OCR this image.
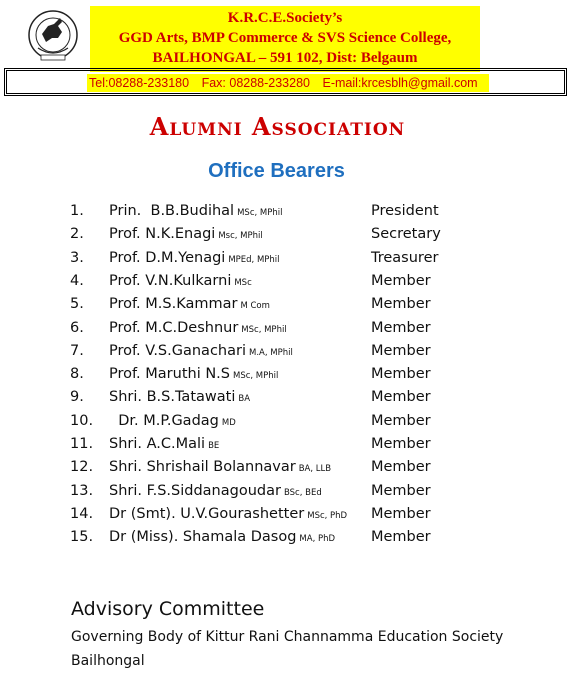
K.R.C.E.Society’s
GGD Arts, BMP Commerce & SVS Science College,
BAILHONGAL – 591 102, Dist: Belgaum
Tel:08288-233180 Fax: 08288-233280 E-mail:krcesblh@gmail.com
Alumni Association
Office Bearers
1. Prin.  B.B.Budihal MSc, MPhil	President
2. Prof. N.K.Enagi Msc, MPhil	Secretary
3. Prof. D.M.Yenagi MPEd, MPhil	Treasurer
4. Prof. V.N.Kulkarni MSc	Member
5. Prof. M.S.Kammar M Com	Member
6. Prof. M.C.Deshnur MSc, MPhil	Member
7. Prof. V.S.Ganachari M.A, MPhil	Member
8. Prof. Maruthi N.S MSc, MPhil	Member
9. Shri. B.S.Tatawati BA	Member
10. Dr. M.P.Gadag MD	Member
11. Shri. A.C.Mali BE	Member
12. Shri. Shrishail Bolannavar BA, LLB	Member
13. Shri. F.S.Siddanagoudar BSc, BEd	Member
14. Dr (Smt). U.V.Gourashetter MSc, PhD Member
15. Dr (Miss). Shamala Dasog MA, PhD Member
Advisory Committee
Governing Body of Kittur Rani Channamma Education Society
Bailhongal
